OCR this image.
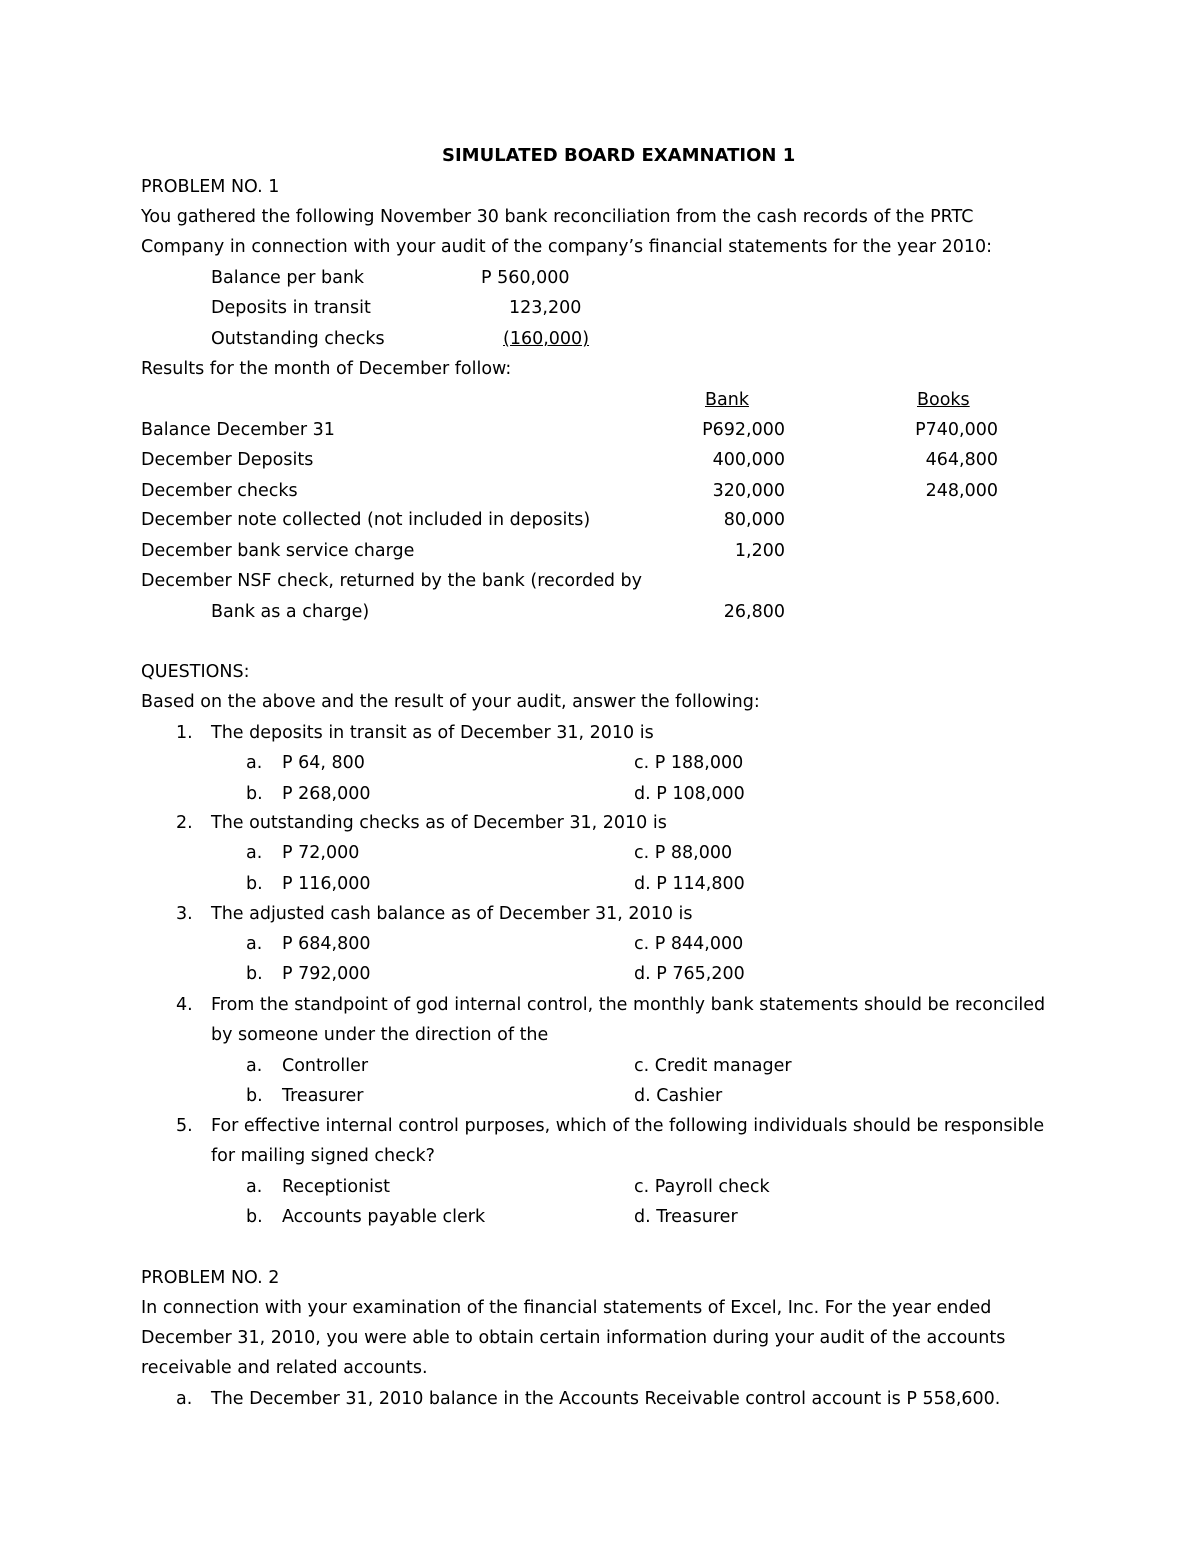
SIMULATED BOARD EXAMNATION 1
PROBLEM NO. 1
You gathered the following November 30 bank reconciliation from the cash records of the PRTC
Company in connection with your audit of the company’s financial statements for the year 2010:
Balance per bank	P 560,000
Deposits in transit	123,200
Outstanding checks	(160,000)
Results for the month of December follow:
Bank	Books
Balance December 31	P692,000	P740,000
December Deposits	400,000	464,800
December checks	320,000	248,000
December note collected (not included in deposits)	80,000
December bank service charge	1,200
December NSF check, returned by the bank (recorded by
Bank as a charge)	26,800
QUESTIONS:
Based on the above and the result of your audit, answer the following:
1. The deposits in transit as of December 31, 2010 is
a. P 64, 800	c. P 188,000
b. P 268,000	d. P 108,000
2. The outstanding checks as of December 31, 2010 is
a. P 72,000	c. P 88,000
b. P 116,000	d. P 114,800
3. The adjusted cash balance as of December 31, 2010 is
a. P 684,800	c. P 844,000
b. P 792,000	d. P 765,200
4. From the standpoint of god internal control, the monthly bank statements should be reconciled
by someone under the direction of the
a. Controller	c. Credit manager
b. Treasurer	d. Cashier
5. For effective internal control purposes, which of the following individuals should be responsible
for mailing signed check?
a. Receptionist	c. Payroll check
b. Accounts payable clerk	d. Treasurer
PROBLEM NO. 2
In connection with your examination of the financial statements of Excel, Inc. For the year ended
December 31, 2010, you were able to obtain certain information during your audit of the accounts
receivable and related accounts.
a. The December 31, 2010 balance in the Accounts Receivable control account is P 558,600.
